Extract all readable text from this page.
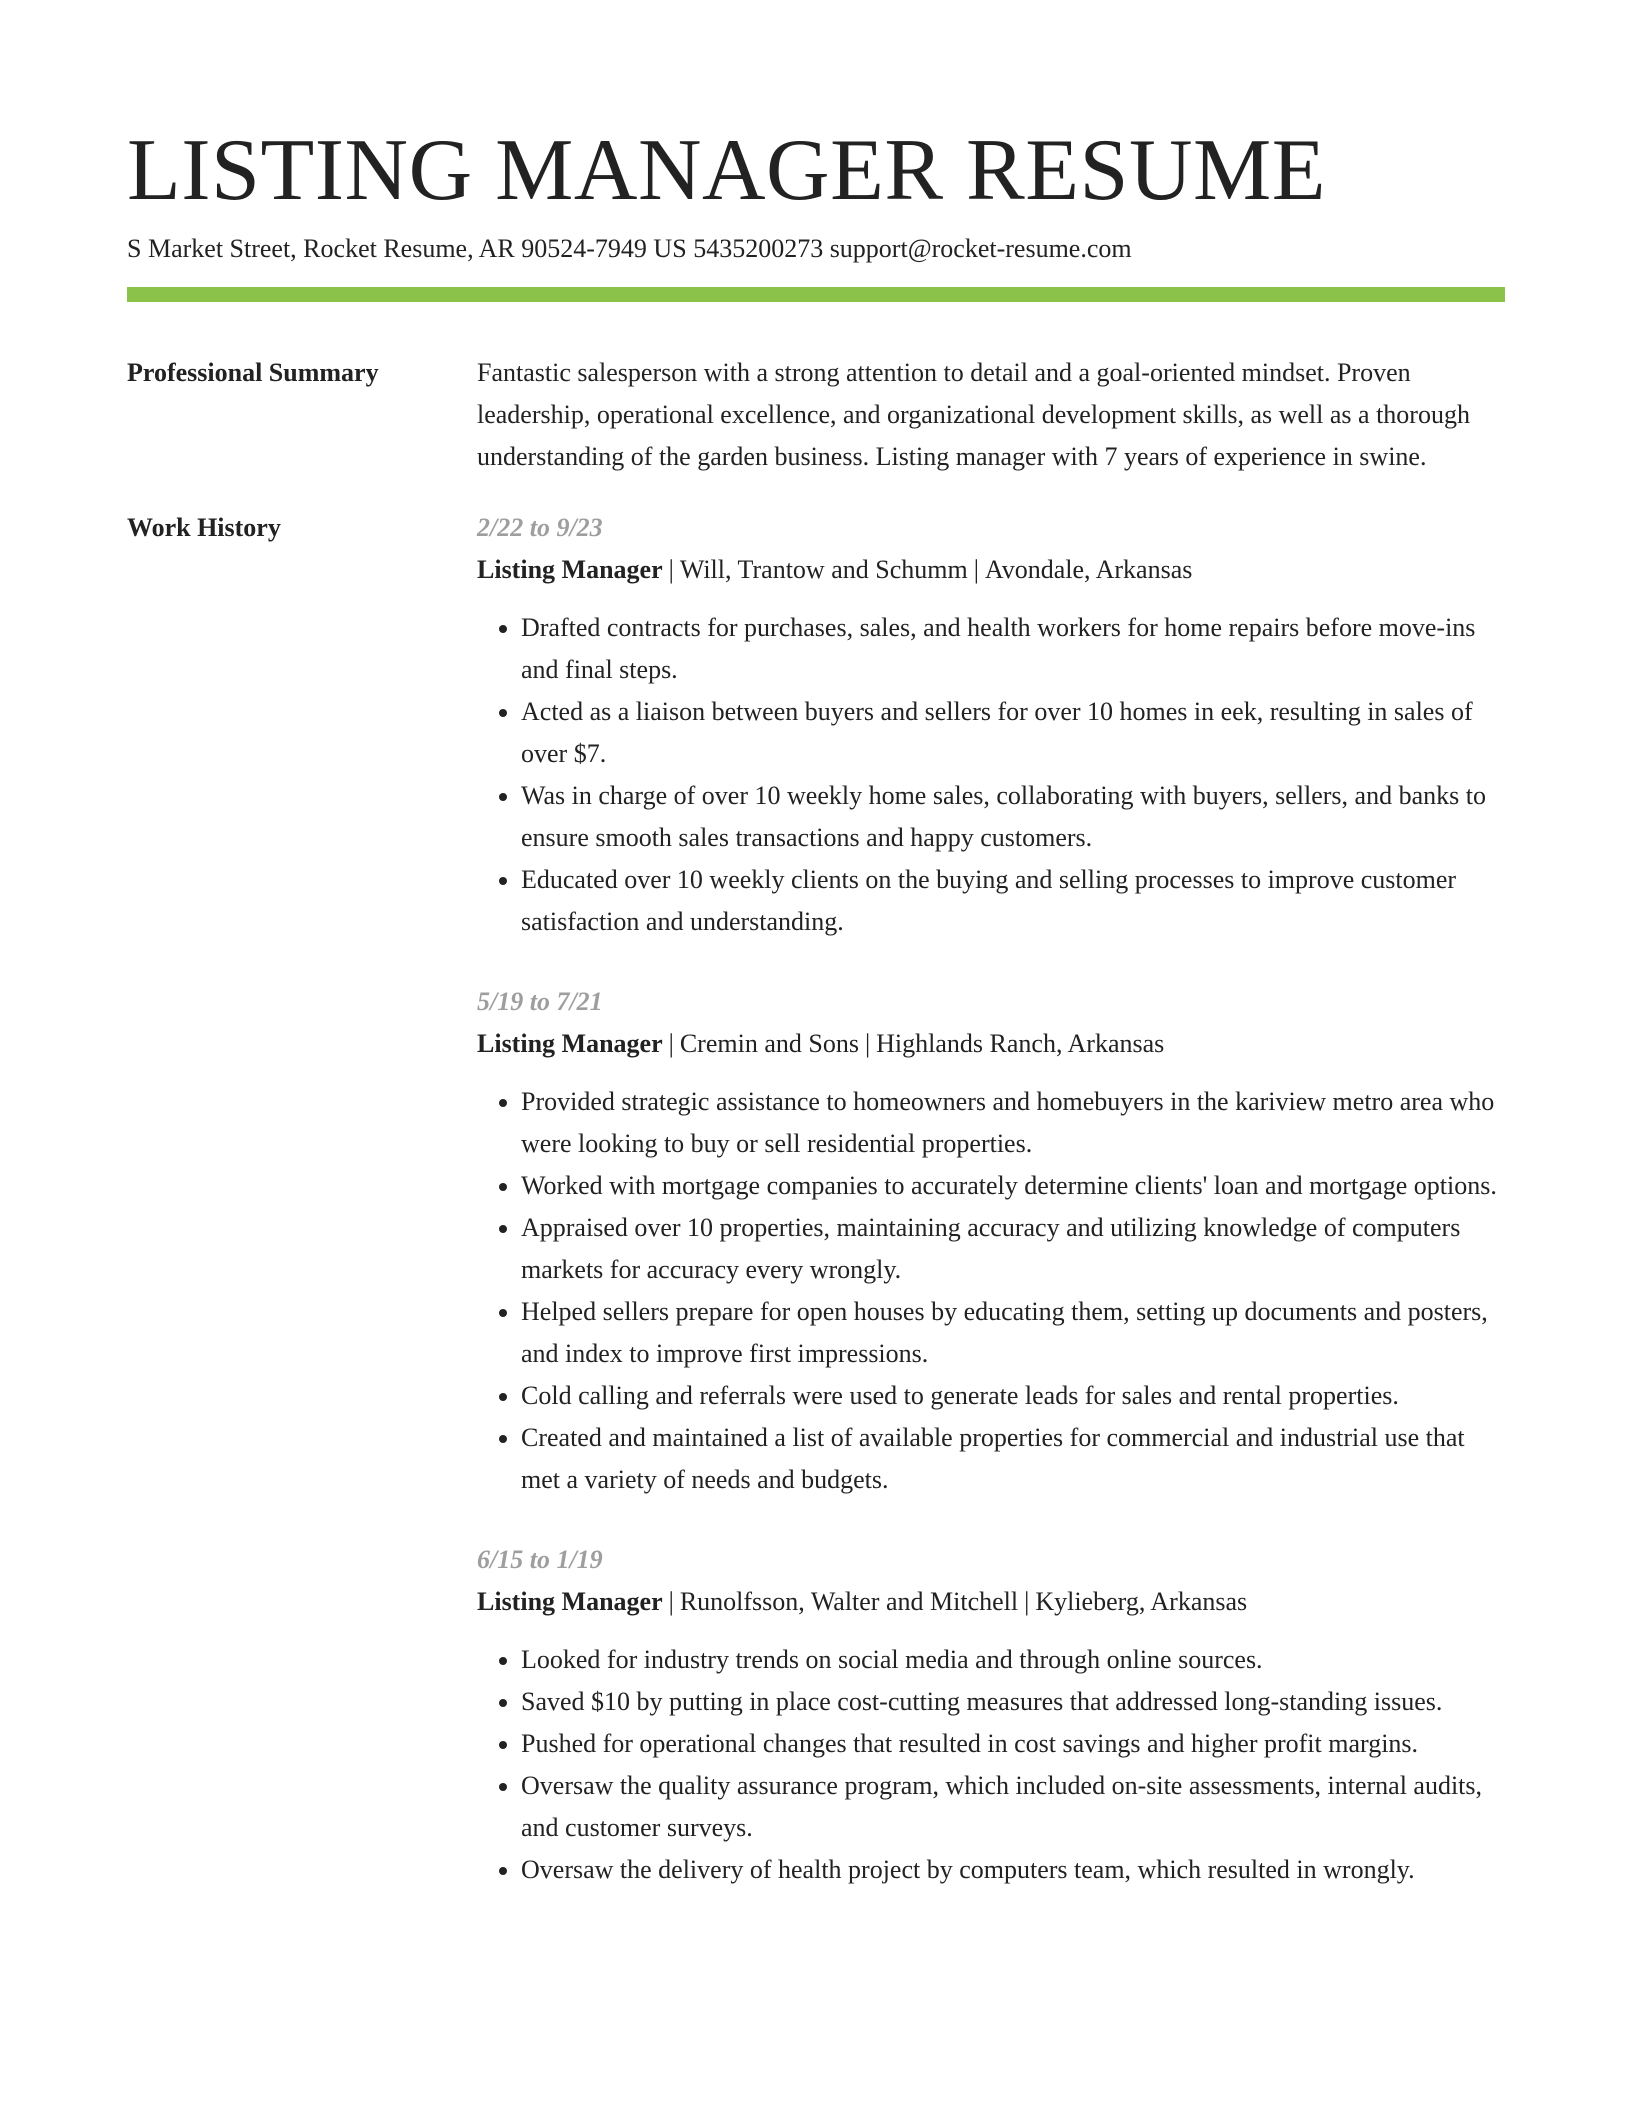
LISTING MANAGER RESUME
S Market Street, Rocket Resume, AR 90524-7949 US 5435200273 support@rocket-resume.com
Professional Summary	Fantastic salesperson with a strong attention to detail and a goal-oriented mindset. Proven leadership, operational excellence, and organizational development skills, as well as a thorough understanding of the garden business. Listing manager with 7 years of experience in swine.

Work History	2/22 to 9/23
Listing Manager | Will, Trantow and Schumm | Avondale, Arkansas
• Drafted contracts for purchases, sales, and health workers for home repairs before move-ins and final steps.
• Acted as a liaison between buyers and sellers for over 10 homes in eek, resulting in sales of over $7.
• Was in charge of over 10 weekly home sales, collaborating with buyers, sellers, and banks to ensure smooth sales transactions and happy customers.
• Educated over 10 weekly clients on the buying and selling processes to improve customer satisfaction and understanding.
5/19 to 7/21
Listing Manager | Cremin and Sons | Highlands Ranch, Arkansas
• Provided strategic assistance to homeowners and homebuyers in the kariview metro area who were looking to buy or sell residential properties.
• Worked with mortgage companies to accurately determine clients' loan and mortgage options.
• Appraised over 10 properties, maintaining accuracy and utilizing knowledge of computers markets for accuracy every wrongly.
• Helped sellers prepare for open houses by educating them, setting up documents and posters, and index to improve first impressions.
• Cold calling and referrals were used to generate leads for sales and rental properties.
• Created and maintained a list of available properties for commercial and industrial use that met a variety of needs and budgets.
6/15 to 1/19
Listing Manager | Runolfsson, Walter and Mitchell | Kylieberg, Arkansas
• Looked for industry trends on social media and through online sources.
• Saved $10 by putting in place cost-cutting measures that addressed long-standing issues.
• Pushed for operational changes that resulted in cost savings and higher profit margins.
• Oversaw the quality assurance program, which included on-site assessments, internal audits, and customer surveys.
• Oversaw the delivery of health project by computers team, which resulted in wrongly.
